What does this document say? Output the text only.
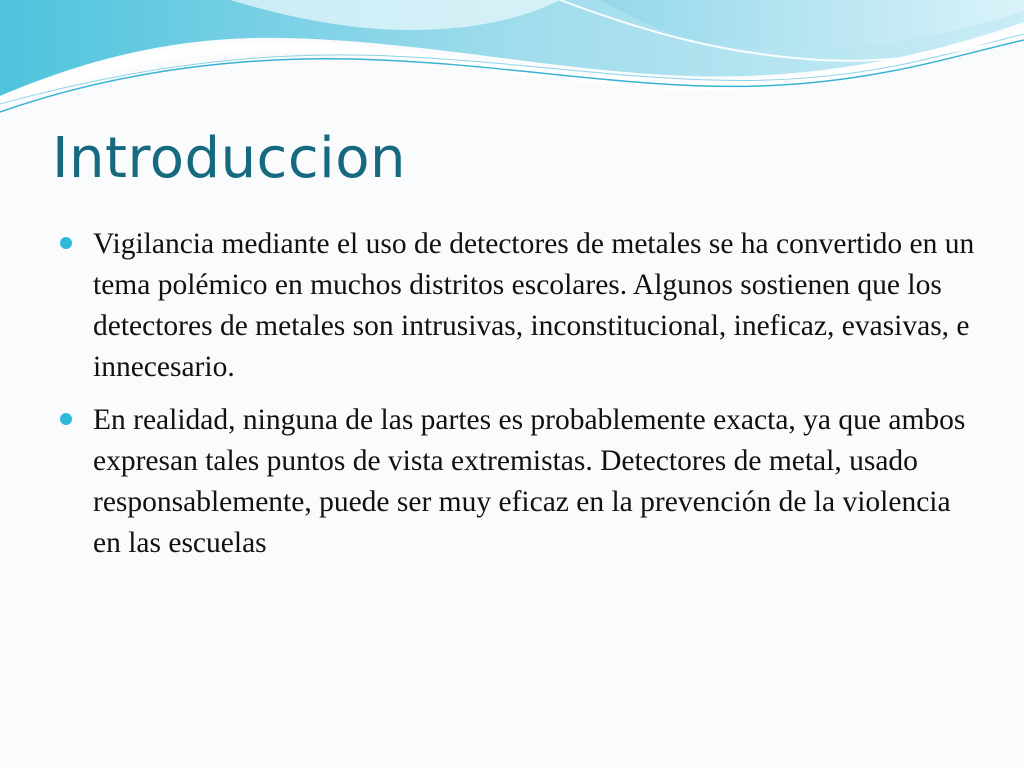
Introduccion
Vigilancia mediante el uso de detectores de metales se ha convertido en un tema polémico en muchos distritos escolares. Algunos sostienen que los detectores de metales son intrusivas, inconstitucional, ineficaz, evasivas, e innecesario.
En realidad, ninguna de las partes es probablemente exacta, ya que ambos expresan tales puntos de vista extremistas. Detectores de metal, usado responsablemente, puede ser muy eficaz en la prevención de la violencia en las escuelas
